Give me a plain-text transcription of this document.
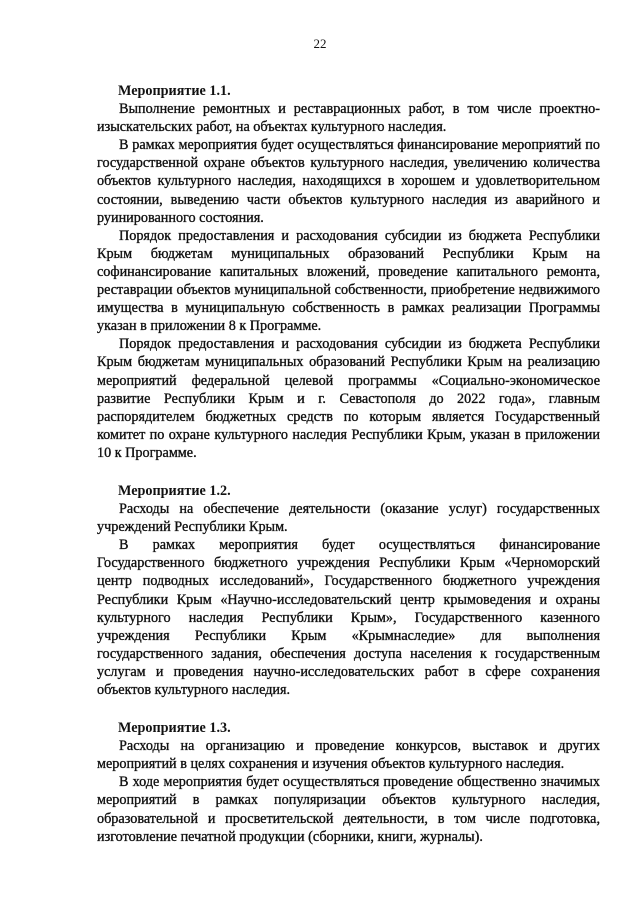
22
Мероприятие 1.1.

Выполнение ремонтных и реставрационных работ, в том числе проектно-изыскательских работ, на объектах культурного наследия.

В рамках мероприятия будет осуществляться финансирование мероприятий по государственной охране объектов культурного наследия, увеличению количества объектов культурного наследия, находящихся в хорошем и удовлетворительном состоянии, выведению части объектов культурного наследия из аварийного и руинированного состояния.

Порядок предоставления и расходования субсидии из бюджета Республики Крым бюджетам муниципальных образований Республики Крым на софинансирование капитальных вложений, проведение капитального ремонта, реставрации объектов муниципальной собственности, приобретение недвижимого имущества в муниципальную собственность в рамках реализации Программы указан в приложении 8 к Программе.

Порядок предоставления и расходования субсидии из бюджета Республики Крым бюджетам муниципальных образований Республики Крым на реализацию мероприятий федеральной целевой программы «Социально-экономическое развитие Республики Крым и г. Севастополя до 2022 года», главным распорядителем бюджетных средств по которым является Государственный комитет по охране культурного наследия Республики Крым, указан в приложении 10 к Программе.

Мероприятие 1.2.

Расходы на обеспечение деятельности (оказание услуг) государственных учреждений Республики Крым.

В рамках мероприятия будет осуществляться финансирование Государственного бюджетного учреждения Республики Крым «Черноморский центр подводных исследований», Государственного бюджетного учреждения Республики Крым «Научно-исследовательский центр крымоведения и охраны культурного наследия Республики Крым», Государственного казенного учреждения Республики Крым «Крымнаследие» для выполнения государственного задания, обеспечения доступа населения к государственным услугам и проведения научно-исследовательских работ в сфере сохранения объектов культурного наследия.

Мероприятие 1.3.

Расходы на организацию и проведение конкурсов, выставок и других мероприятий в целях сохранения и изучения объектов культурного наследия.

В ходе мероприятия будет осуществляться проведение общественно значимых мероприятий в рамках популяризации объектов культурного наследия, образовательной и просветительской деятельности, в том числе подготовка, изготовление печатной продукции (сборники, книги, журналы).
